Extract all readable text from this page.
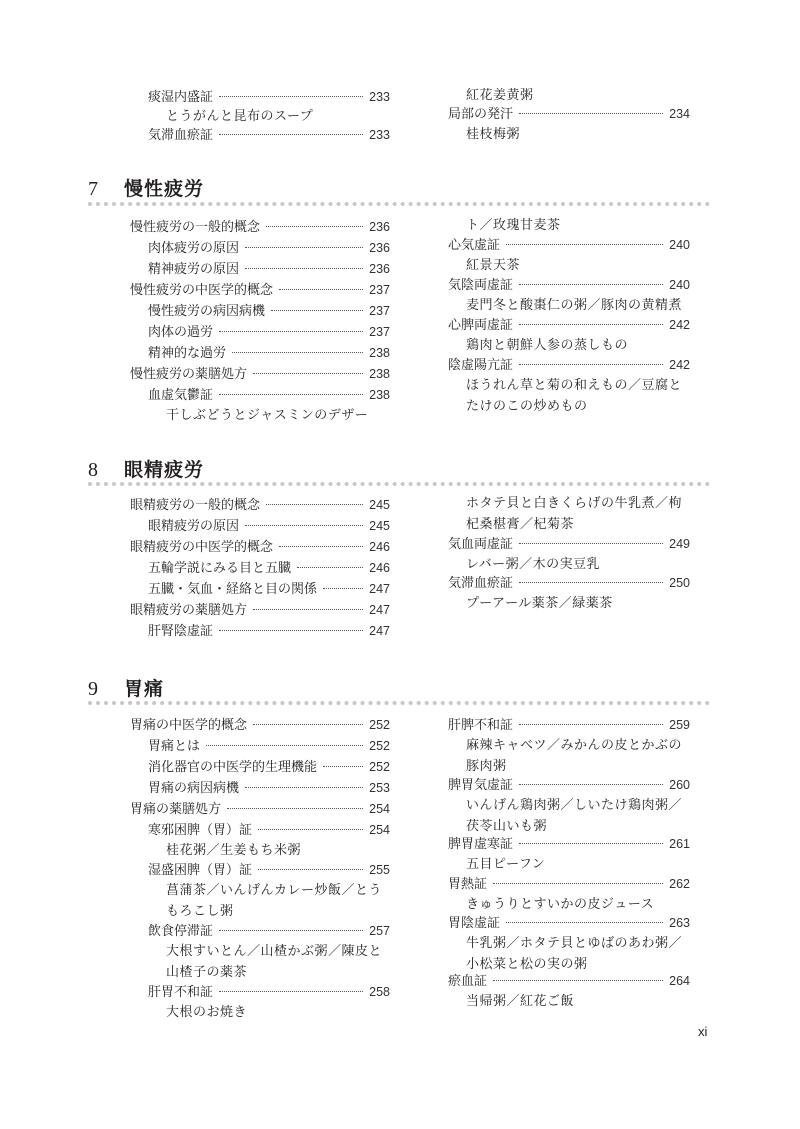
痰湿内盛証	233
とうがんと昆布のスープ
気滞血瘀証	233
紅花姜黄粥
局部の発汗	234
桂枝梅粥
7	慢性疲労
慢性疲労の一般的概念	236
肉体疲労の原因	236
精神疲労の原因	236
慢性疲労の中医学的概念	237
慢性疲労の病因病機	237
肉体の過労	237
精神的な過労	238
慢性疲労の薬膳処方	238
血虚気鬱証	238
干しぶどうとジャスミンのデザー
ト／玫瑰甘麦茶
心気虚証	240
紅景天茶
気陰両虚証	240
麦門冬と酸棗仁の粥／豚肉の黄精煮
心脾両虚証	242
鶏肉と朝鮮人参の蒸しもの
陰虚陽亢証	242
ほうれん草と菊の和えもの／豆腐とたけのこの炒めもの
8	眼精疲労
眼精疲労の一般的概念	245
眼精疲労の原因	245
眼精疲労の中医学的概念	246
五輪学説にみる目と五臓	246
五臓・気血・経絡と目の関係	247
眼精疲労の薬膳処方	247
肝腎陰虚証	247
ホタテ貝と白きくらげの牛乳煮／枸杞桑椹膏／杞菊茶
気血両虚証	249
レバー粥／木の実豆乳
気滞血瘀証	250
プーアール薬茶／緑薬茶
9	胃痛
胃痛の中医学的概念	252
胃痛とは	252
消化器官の中医学的生理機能	252
胃痛の病因病機	253
胃痛の薬膳処方	254
寒邪困脾（胃）証	254
桂花粥／生姜もち米粥
湿盛困脾（胃）証	255
菖蒲茶／いんげんカレー炒飯／とうもろこし粥
飲食停滞証	257
大根すいとん／山楂かぶ粥／陳皮と山楂子の薬茶
肝胃不和証	258
大根のお焼き
肝脾不和証	259
麻辣キャベツ／みかんの皮とかぶの豚肉粥
脾胃気虚証	260
いんげん鶏肉粥／しいたけ鶏肉粥／茯苓山いも粥
脾胃虚寒証	261
五目ピーフン
胃熱証	262
きゅうりとすいかの皮ジュース
胃陰虚証	263
牛乳粥／ホタテ貝とゆばのあわ粥／小松菜と松の実の粥
瘀血証	264
当帰粥／紅花ご飯
xi
